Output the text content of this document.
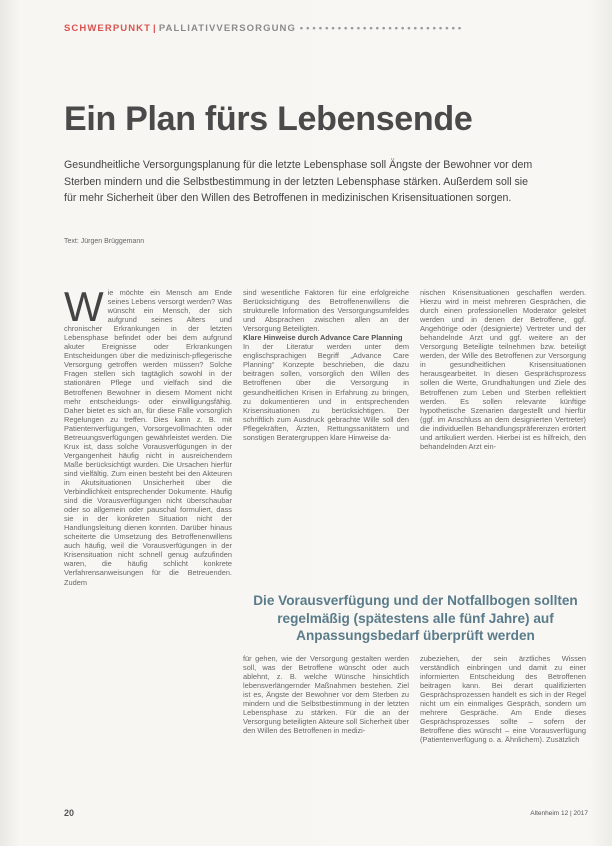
SCHWERPUNKT | PALLIATIVVERSORGUNG ••••••••••••••••••••••••••
Ein Plan fürs Lebensende

Gesundheitliche Versorgungsplanung für die letzte Lebensphase soll Ängste der Bewohner vor dem Sterben mindern und die Selbstbestimmung in der letzten Lebensphase stärken. Außerdem soll sie für mehr Sicherheit über den Willen des Betroffenen in medizinischen Krisensituationen sorgen.

Text: Jürgen Brüggemann
W ie möchte ein Mensch am Ende seines Lebens versorgt werden? Was wünscht ein Mensch, der sich aufgrund seines Alters und chronischer Erkrankungen in der letzten Lebensphase befindet oder bei dem aufgrund akuter Ereignisse oder Erkrankungen Entscheidungen über die medizinisch-pflegerische Versorgung getroffen werden müssen? Solche Fragen stellen sich tagtäglich sowohl in der stationären Pflege und vielfach sind die Betroffenen Bewohner in diesem Moment nicht mehr entscheidungs- oder einwilligungsfähig. Daher bietet es sich an, für diese Fälle vorsorglich Regelungen zu treffen. Dies kann z. B. mit Patientenverfügungen, Vorsorgevollmachten oder Betreuungsverfügungen gewährleistet werden. Die Krux ist, dass solche Vorausverfügungen in der Vergangenheit häufig nicht in ausreichendem Maße berücksichtigt wurden. Die Ursachen hierfür sind vielfältig. Zum einen besteht bei den Akteuren in Akutsituationen Unsicherheit über die Verbindlichkeit entsprechender Dokumente. Häufig sind die Vorausverfügungen nicht überschaubar oder so allgemein oder pauschal formuliert, dass sie in der konkreten Situation nicht der Handlungsleitung dienen konnten. Darüber hinaus scheiterte die Umsetzung des Betroffenenwillens auch häufig, weil die Vorausverfügungen in der Krisensituation nicht schnell genug aufzufinden waren, die häufig schlicht konkrete Verfahrensanweisungen für die Betreuenden. Zudem

sind wesentliche Faktoren für eine erfolgreiche Berücksichtigung des Betroffenenwillens die strukturelle Information des Versorgungsumfeldes und Absprachen zwischen allen an der Versorgung Beteiligten.

Klare Hinweise durch Advance Care Planning

In der Literatur werden unter dem englischsprachigen Begriff „Advance Care Planning“ Konzepte beschrieben, die dazu beitragen sollen, vorsorglich den Willen des Betroffenen über die Versorgung in gesundheitlichen Krisen in Erfahrung zu bringen, zu dokumentieren und in entsprechenden Krisensituationen zu berücksichtigen. Der schriftlich zum Ausdruck gebrachte Wille soll den Pflegekräften, Ärzten, Rettungssanitätern und sonstigen Beratergruppen klare Hinweise da-

nischen Krisensituationen geschaffen werden. Hierzu wird in meist mehreren Gesprächen, die durch einen professionellen Moderator geleitet werden und in denen der Betroffene, ggf. Angehörige oder (designierte) Vertreter und der behandelnde Arzt und ggf. weitere an der Versorgung Beteiligte teilnehmen bzw. beteiligt werden, der Wille des Betroffenen zur Versorgung in gesundheitlichen Krisensituationen herausgearbeitet. In diesen Gesprächsprozess sollen die Werte, Grundhaltungen und Ziele des Betroffenen zum Leben und Sterben reflektiert werden. Es sollen relevante künftige hypothetische Szenarien dargestellt und hierfür (ggf. im Anschluss an dem designierten Vertreter) die individuellen Behandlungspräferenzen erörtert und artikuliert werden. Hierbei ist es hilfreich, den behandelnden Arzt ein-

Die Vorausverfügung und der Notfallbogen sollten regelmäßig (spätestens alle fünf Jahre) auf Anpassungsbedarf überprüft werden

für gehen, wie der Versorgung gestalten werden soll, was der Betroffene wünscht oder auch ablehnt, z. B. welche Wünsche hinsichtlich lebensverlängernder Maßnahmen bestehen. Ziel ist es, Ängste der Bewohner vor dem Sterben zu mindern und die Selbstbestimmung in der letzten Lebensphase zu stärken. Für die an der Versorgung beteiligten Akteure soll Sicherheit über den Willen des Betroffenen in medizi-

zubeziehen, der sein ärztliches Wissen verständlich einbringen und damit zu einer informierten Entscheidung des Betroffenen beitragen kann. Bei derart qualifizierten Gesprächsprozessen handelt es sich in der Regel nicht um ein einmaliges Gespräch, sondern um mehrere Gespräche. Am Ende dieses Gesprächsprozesses sollte – sofern der Betroffene dies wünscht – eine Vorausverfügung (Patientenverfügung o. a. Ähnlichem). Zusätzlich

20	Altenheim 12 | 2017
